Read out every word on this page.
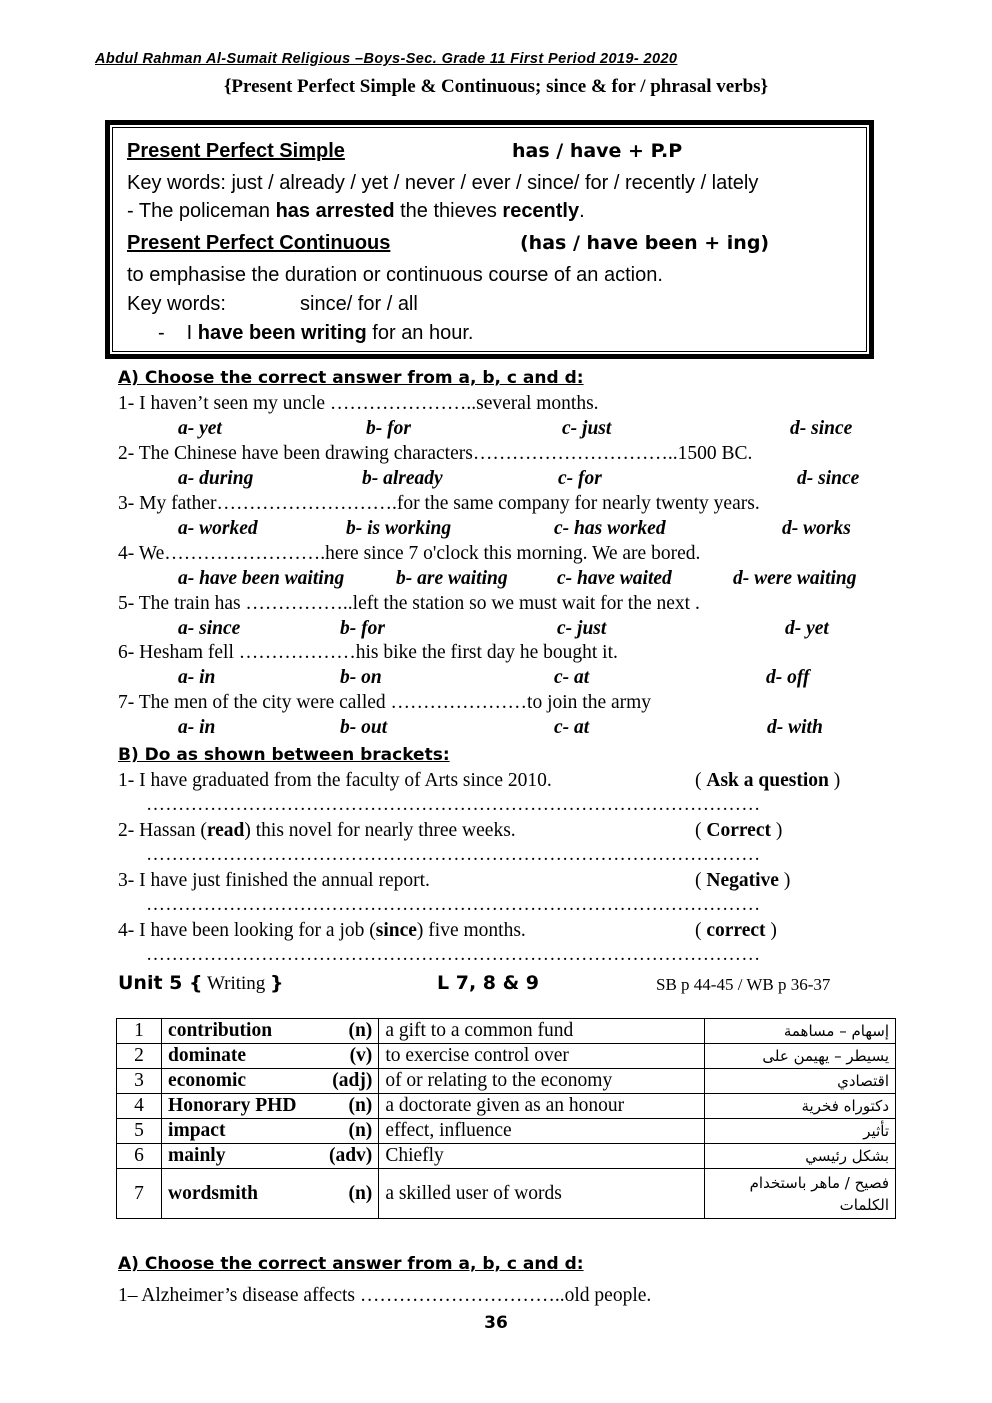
Abdul Rahman Al-Sumait Religious –Boys-Sec. Grade 11 First Period 2019- 2020
{Present Perfect Simple & Continuous; since & for / phrasal verbs}
Present Perfect Simple	has / have + P.P
Key words: just / already / yet / never / ever / since/ for / recently / lately
- The policeman has arrested the thieves recently.
Present Perfect Continuous	(has / have been + ing)
to emphasise the duration or continuous course of an action.
Key words:	since/ for / all
- I have been writing for an hour.
A) Choose the correct answer from a, b, c and d:
1- I haven’t seen my uncle …………………..several months.
a- yet	b- for	c- just	d- since
2- The Chinese have been drawing characters…………………………..1500 BC.
a- during	b- already	c- for	d- since
3- My father……………………….for the same company for nearly twenty years.
a- worked	b- is working	c- has worked	d- works
4- We…………………….here since 7 o'clock this morning. We are bored.
a- have been waiting	b- are waiting	c- have waited	d- were waiting
5- The train has ……………..left the station so we must wait for the next .
a- since	b- for	c- just	d- yet
6- Hesham fell ………………his bike the first day he bought it.
a- in	b- on	c- at	d- off
7- The men of the city were called …………………to join the army
a- in	b- out	c- at	d- with
B) Do as shown between brackets:
1- I have graduated from the faculty of Arts since 2010.	( Ask a question )
……………………………………………………………………………………
2- Hassan (read) this novel for nearly three weeks.	( Correct )
……………………………………………………………………………………
3- I have just finished the annual report.	( Negative )
……………………………………………………………………………………
4- I have been looking for a job (since) five months.	( correct )
……………………………………………………………………………………
Unit 5 { Writing }	L 7, 8 & 9	SB p 44-45 / WB p 36-37
1	contribution (n)	a gift to a common fund	إسهام – مساهمة
2	dominate (v)	to exercise control over	يسيطر – يهيمن على
3	economic (adj)	of or relating to the economy	اقتصادي
4	Honorary PHD (n)	a doctorate given as an honour	دكتوراه فخرية
5	impact (n)	effect, influence	تأثير
6	mainly (adv)	Chiefly	بشكل رئيسي
7	wordsmith (n)	a skilled user of words	فصيح / ماهر باستخدام الكلمات
A) Choose the correct answer from a, b, c and d:
1– Alzheimer’s disease affects …………………………..old people.
36
